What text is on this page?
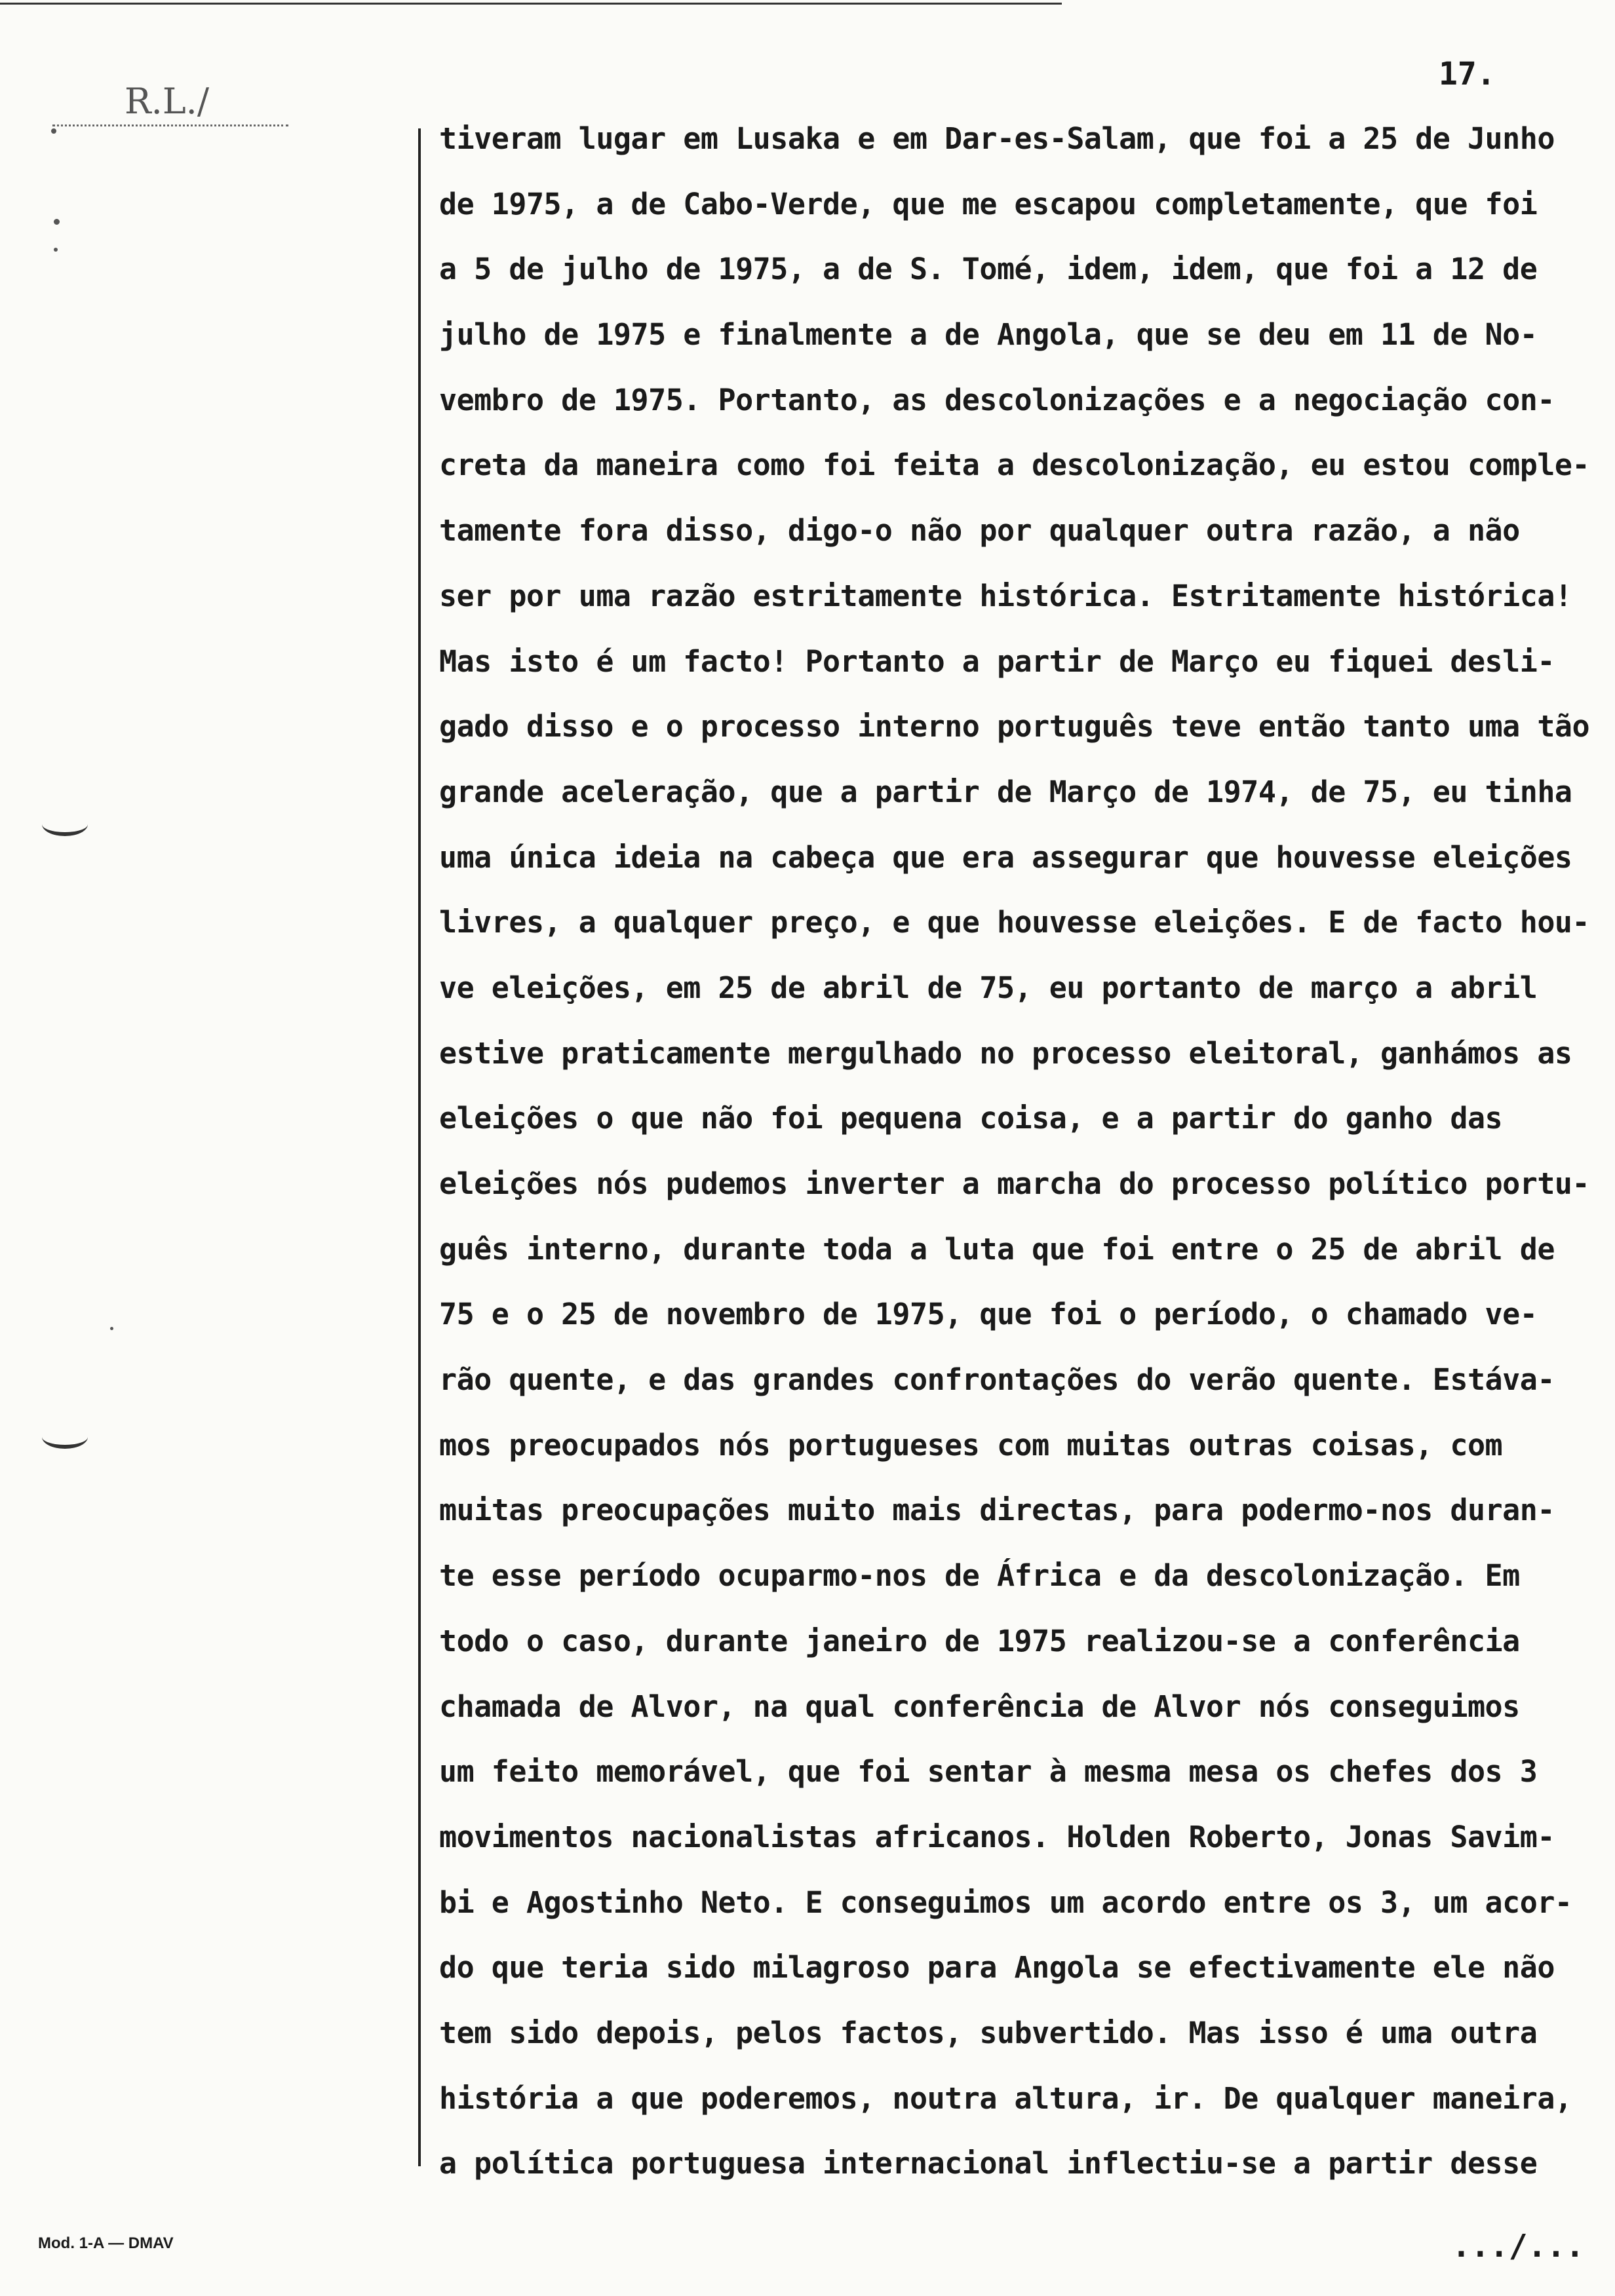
R.L./
17.
tiveram lugar em Lusaka e em Dar-es-Salam, que foi a 25 de Junho
de 1975, a de Cabo-Verde, que me escapou completamente, que foi
a 5 de julho de 1975, a de S. Tomé, idem, idem, que foi a 12 de
julho de 1975 e finalmente a de Angola, que se deu em 11 de No-
vembro de 1975. Portanto, as descolonizações e a negociação con-
creta da maneira como foi feita a descolonização, eu estou comple-
tamente fora disso, digo-o não por qualquer outra razão, a não
ser por uma razão estritamente histórica. Estritamente histórica!
Mas isto é um facto! Portanto a partir de Março eu fiquei desli-
gado disso e o processo interno português teve então tanto uma tão
grande aceleração, que a partir de Março de 1974, de 75, eu tinha
uma única ideia na cabeça que era assegurar que houvesse eleições
livres, a qualquer preço, e que houvesse eleições. E de facto hou-
ve eleições, em 25 de abril de 75, eu portanto de março a abril
estive praticamente mergulhado no processo eleitoral, ganhámos as
eleições o que não foi pequena coisa, e a partir do ganho das
eleições nós pudemos inverter a marcha do processo político portu-
guês interno, durante toda a luta que foi entre o 25 de abril de
75 e o 25 de novembro de 1975, que foi o período, o chamado ve-
rão quente, e das grandes confrontações do verão quente. Estáva-
mos preocupados nós portugueses com muitas outras coisas, com
muitas preocupações muito mais directas, para podermo-nos duran-
te esse período ocuparmo-nos de África e da descolonização. Em
todo o caso, durante janeiro de 1975 realizou-se a conferência
chamada de Alvor, na qual conferência de Alvor nós conseguimos
um feito memorável, que foi sentar à mesma mesa os chefes dos 3
movimentos nacionalistas africanos. Holden Roberto, Jonas Savim-
bi e Agostinho Neto. E conseguimos um acordo entre os 3, um acor-
do que teria sido milagroso para Angola se efectivamente ele não
tem sido depois, pelos factos, subvertido. Mas isso é uma outra
história a que poderemos, noutra altura, ir. De qualquer maneira,
a política portuguesa internacional inflectiu-se a partir desse
.../...
Mod. 1-A — DMAV
